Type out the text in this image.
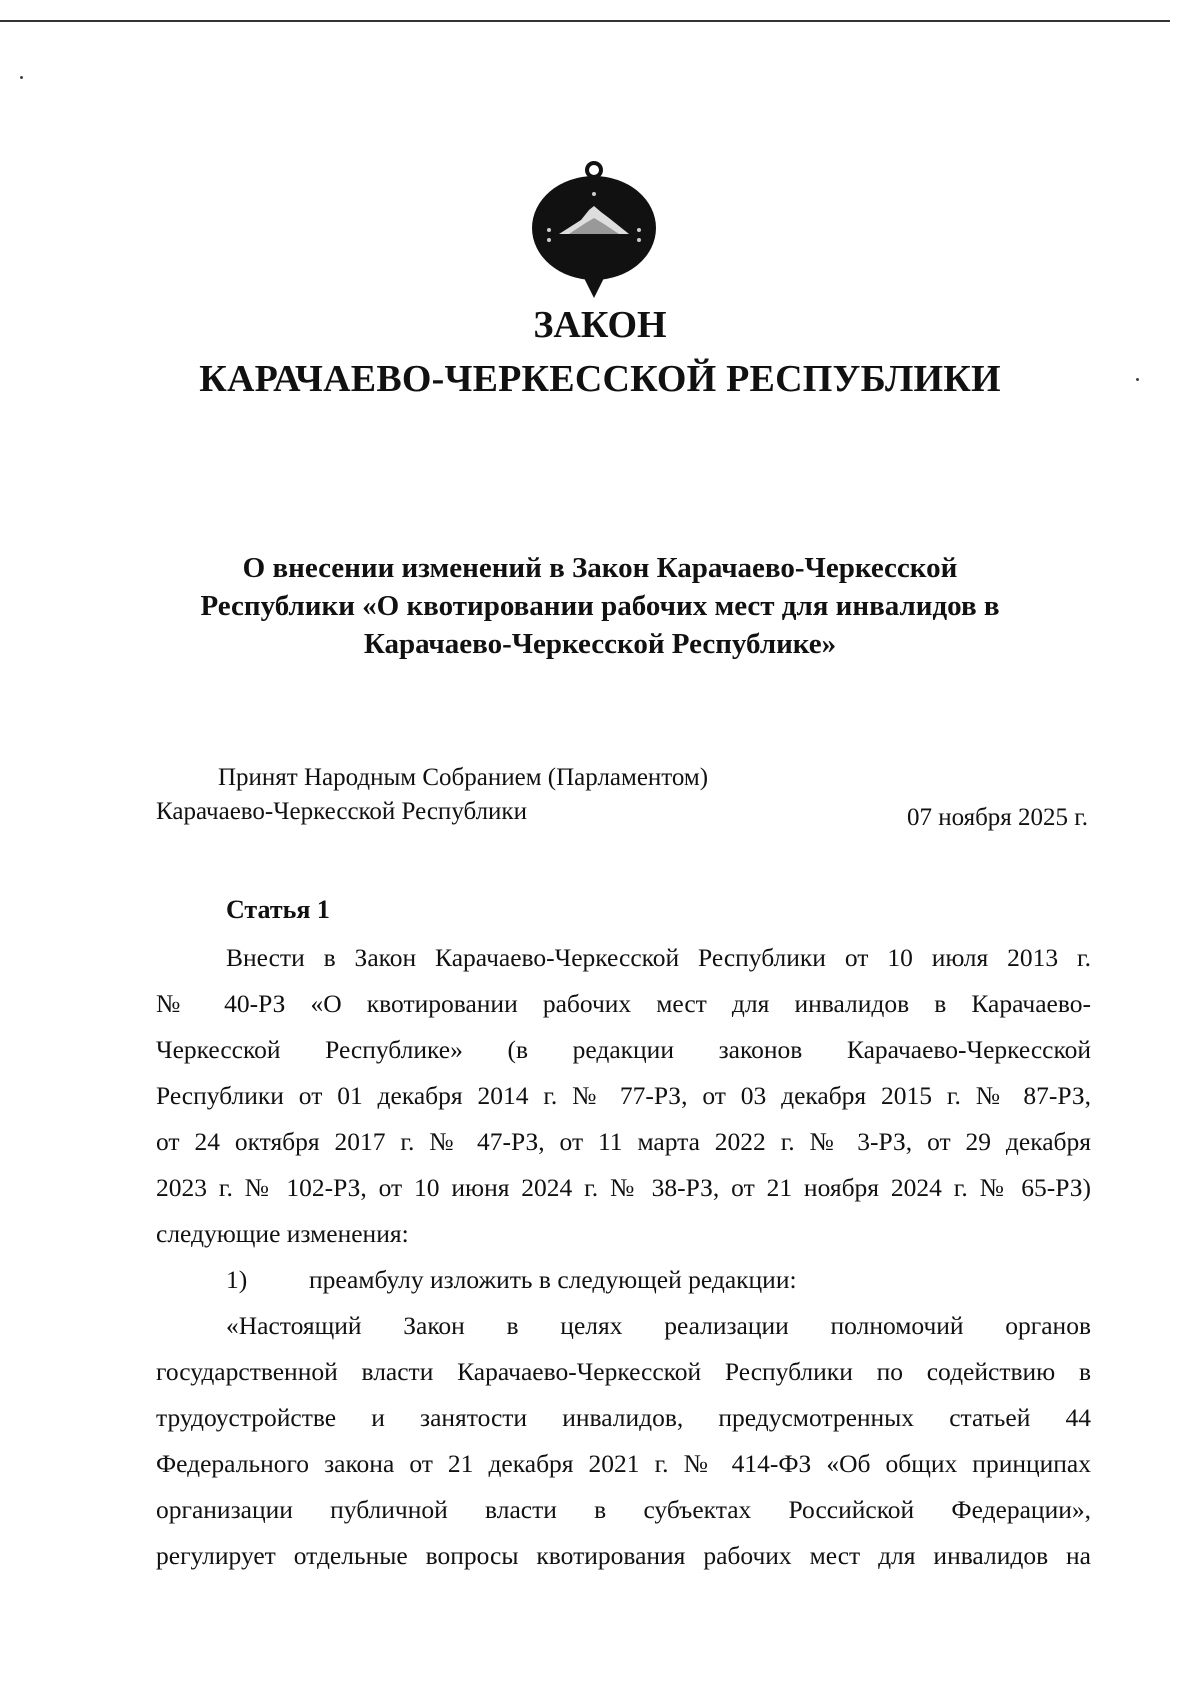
ЗАКОН
КАРАЧАЕВО-ЧЕРКЕССКОЙ РЕСПУБЛИКИ
О внесении изменений в Закон Карачаево-Черкесской
Республики «О квотировании рабочих мест для инвалидов в
Карачаево-Черкесской Республике»
Принят Народным Собранием (Парламентом)
Карачаево-Черкесской Республики	07 ноября 2025 г.
Статья 1

Внести в Закон Карачаево-Черкесской Республики от 10 июля 2013 г.

№ 40-РЗ «О квотировании рабочих мест для инвалидов в Карачаево-

Черкесской Республике» (в редакции законов Карачаево-Черкесской

Республики от 01 декабря 2014 г. № 77-РЗ, от 03 декабря 2015 г. № 87-РЗ,

от 24 октября 2017 г. № 47-РЗ, от 11 марта 2022 г. № 3-РЗ, от 29 декабря

2023 г. № 102-РЗ, от 10 июня 2024 г. № 38-РЗ, от 21 ноября 2024 г. № 65-РЗ)

следующие изменения:

1) преамбулу изложить в следующей редакции:

«Настоящий Закон в целях реализации полномочий органов

государственной власти Карачаево-Черкесской Республики по содействию в

трудоустройстве и занятости инвалидов, предусмотренных статьей 44

Федерального закона от 21 декабря 2021 г. № 414-ФЗ «Об общих принципах

организации публичной власти в субъектах Российской Федерации»,

регулирует отдельные вопросы квотирования рабочих мест для инвалидов на
